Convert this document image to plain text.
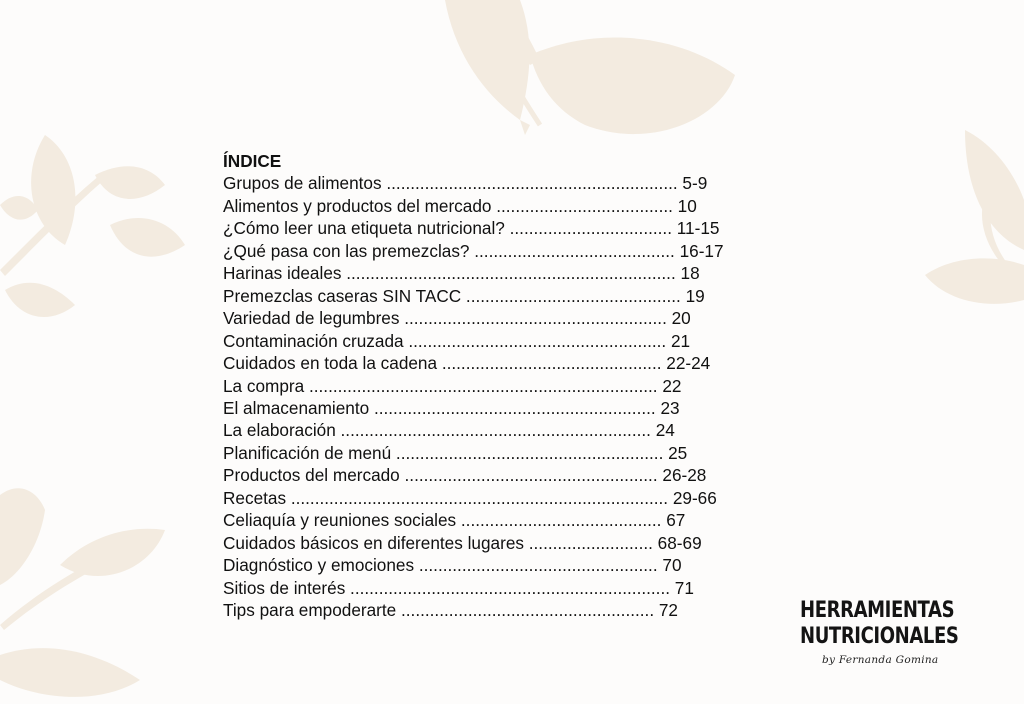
ÍNDICE
Grupos de alimentos ............................................................. 5-9
Alimentos y productos del mercado ..................................... 10
¿Cómo leer una etiqueta nutricional? .................................. 11-15
¿Qué pasa con las premezclas? .......................................... 16-17
Harinas ideales ..................................................................... 18
Premezclas caseras SIN TACC ............................................. 19
Variedad de legumbres ....................................................... 20
Contaminación cruzada ...................................................... 21
Cuidados en toda la cadena .............................................. 22-24
La compra ......................................................................... 22
El almacenamiento ........................................................... 23
La elaboración ................................................................. 24
Planificación de menú ........................................................ 25
Productos del mercado ..................................................... 26-28
Recetas ............................................................................... 29-66
Celiaquía y reuniones sociales .......................................... 67
Cuidados básicos en diferentes lugares .......................... 68-69
Diagnóstico y emociones .................................................. 70
Sitios de interés ................................................................... 71
Tips para empoderarte ..................................................... 72	HERRAMIENTAS
NUTRICIONALES
by Fernanda Gomina
